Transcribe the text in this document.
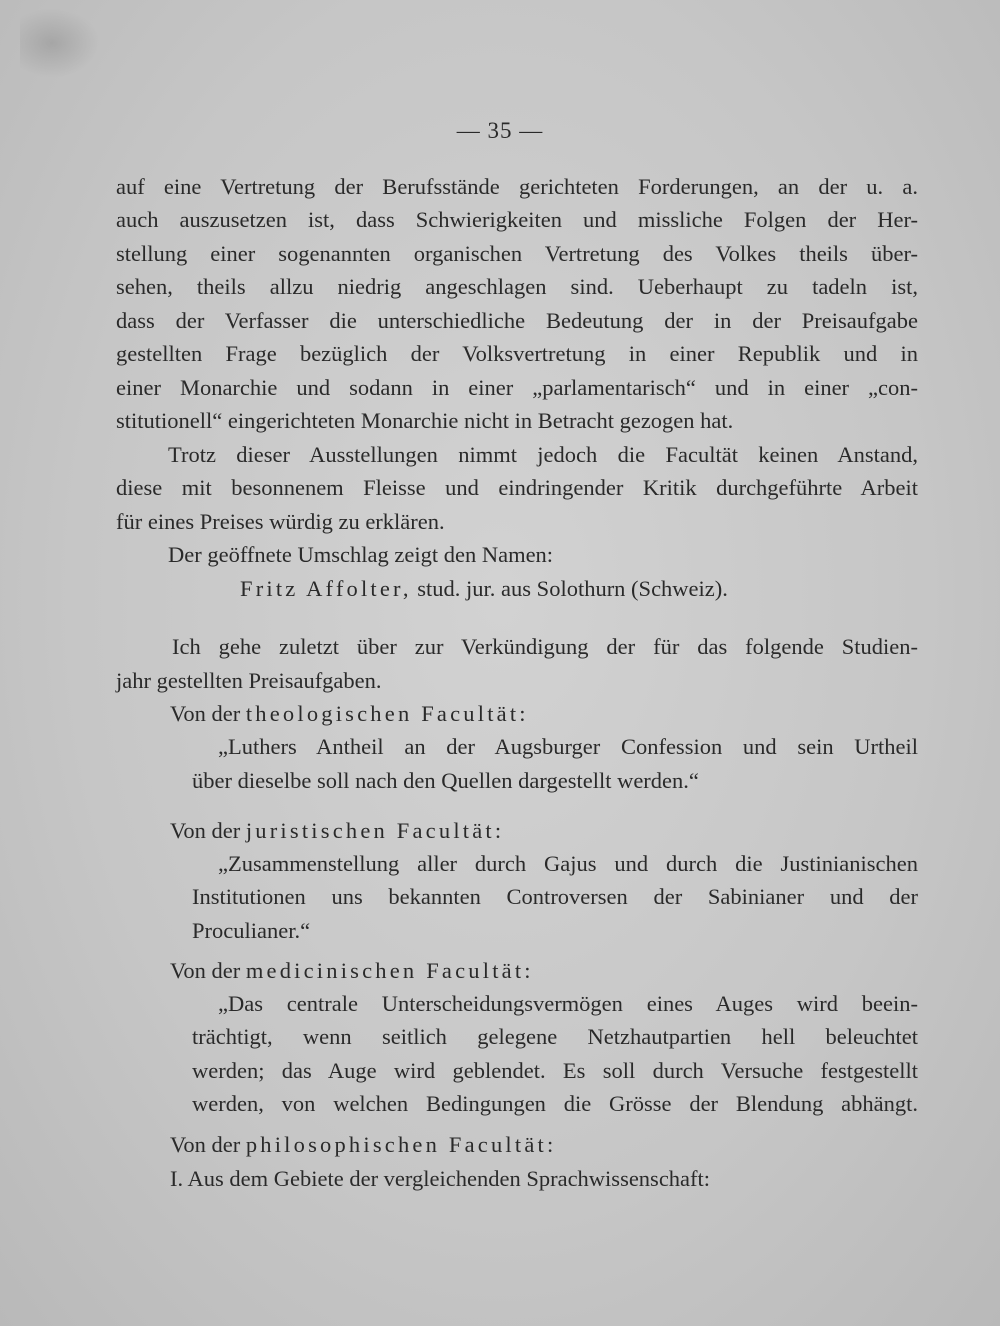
— 35 —
auf eine Vertretung der Berufsstände gerichteten Forderungen, an der u. a.
auch auszusetzen ist, dass Schwierigkeiten und missliche Folgen der Her-
stellung einer sogenannten organischen Vertretung des Volkes theils über-
sehen, theils allzu niedrig angeschlagen sind. Ueberhaupt zu tadeln ist,
dass der Verfasser die unterschiedliche Bedeutung der in der Preisaufgabe
gestellten Frage bezüglich der Volksvertretung in einer Republik und in
einer Monarchie und sodann in einer „parlamentarisch“ und in einer „con-
stitutionell“ eingerichteten Monarchie nicht in Betracht gezogen hat.
Trotz dieser Ausstellungen nimmt jedoch die Facultät keinen Anstand,
diese mit besonnenem Fleisse und eindringender Kritik durchgeführte Arbeit
für eines Preises würdig zu erklären.
Der geöffnete Umschlag zeigt den Namen:
Fritz Affolter, stud. jur. aus Solothurn (Schweiz).
Ich gehe zuletzt über zur Verkündigung der für das folgende Studien-
jahr gestellten Preisaufgaben.
Von der theologischen Facultät:
„Luthers Antheil an der Augsburger Confession und sein Urtheil
über dieselbe soll nach den Quellen dargestellt werden.“
Von der juristischen Facultät:
„Zusammenstellung aller durch Gajus und durch die Justinianischen
Institutionen uns bekannten Controversen der Sabinianer und der
Proculianer.“
Von der medicinischen Facultät:
„Das centrale Unterscheidungsvermögen eines Auges wird beein-
trächtigt, wenn seitlich gelegene Netzhautpartien hell beleuchtet
werden; das Auge wird geblendet. Es soll durch Versuche festgestellt
werden, von welchen Bedingungen die Grösse der Blendung abhängt.
Von der philosophischen Facultät:
I. Aus dem Gebiete der vergleichenden Sprachwissenschaft:
